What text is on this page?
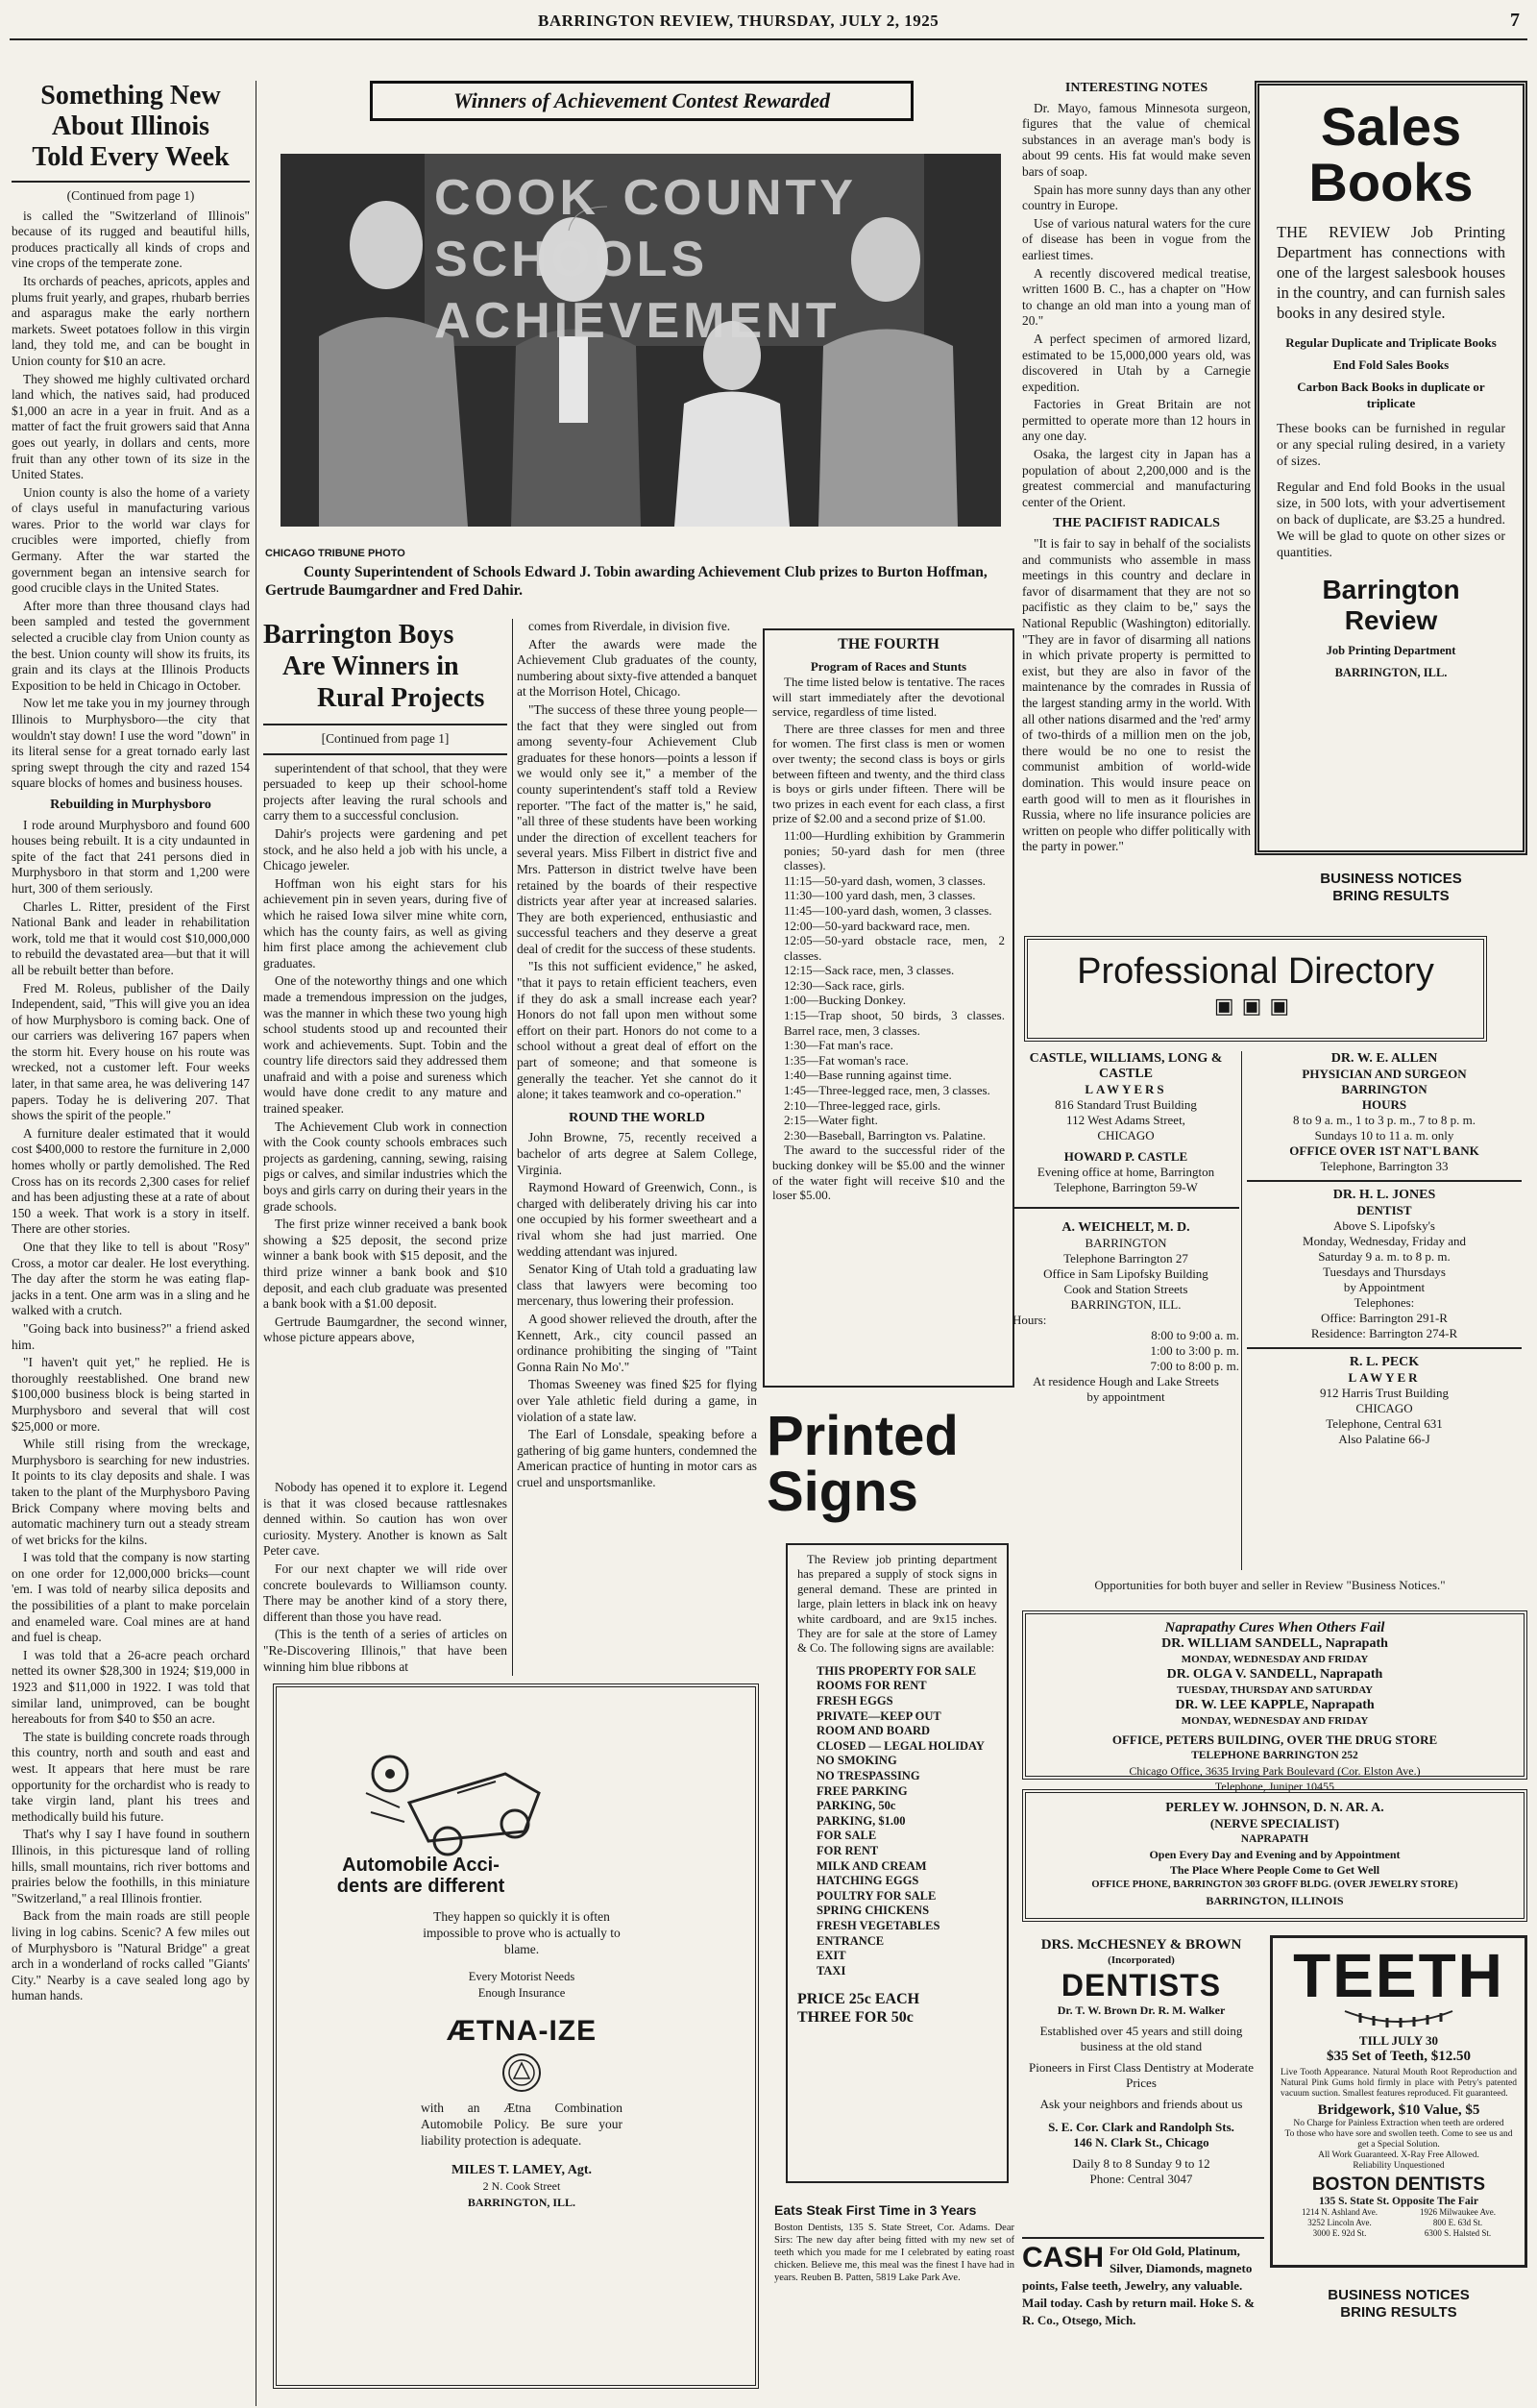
BARRINGTON REVIEW, THURSDAY, JULY 2, 1925	7
Something New
About Illinois
Told Every Week
(Continued from page 1)

is called the "Switzerland of Illinois" because of its rugged and beautiful hills, produces practically all kinds of crops and vine crops of the temperate zone.

Its orchards of peaches, apricots, apples and plums fruit yearly, and grapes, rhubarb berries and asparagus make the early northern markets. Sweet potatoes follow in this virgin land, they told me, and can be bought in Union county for $10 an acre.

They showed me highly cultivated orchard land which, the natives said, had produced $1,000 an acre in a year in fruit. And as a matter of fact the fruit growers said that Anna goes out yearly, in dollars and cents, more fruit than any other town of its size in the United States.

Union county is also the home of a variety of clays useful in manufacturing various wares. Prior to the world war clays for crucibles were imported, chiefly from Germany. After the war started the government began an intensive search for good crucible clays in the United States.

After more than three thousand clays had been sampled and tested the government selected a crucible clay from Union county as the best. Union county will show its fruits, its grain and its clays at the Illinois Products Exposition to be held in Chicago in October.

Now let me take you in my journey through Illinois to Murphysboro—the city that wouldn't stay down! I use the word "down" in its literal sense for a great tornado early last spring swept through the city and razed 154 square blocks of homes and business houses.

Rebuilding in Murphysboro

I rode around Murphysboro and found 600 houses being rebuilt. It is a city undaunted in spite of the fact that 241 persons died in Murphysboro in that storm and 1,200 were hurt, 300 of them seriously.

Charles L. Ritter, president of the First National Bank and leader in rehabilitation work, told me that it would cost $10,000,000 to rebuild the devastated area—but that it will all be rebuilt better than before.

Fred M. Roleus, publisher of the Daily Independent, said, "This will give you an idea of how Murphysboro is coming back. One of our carriers was delivering 167 papers when the storm hit. Every house on his route was wrecked, not a customer left. Four weeks later, in that same area, he was delivering 147 papers. Today he is delivering 207. That shows the spirit of the people."

A furniture dealer estimated that it would cost $400,000 to restore the furniture in 2,000 homes wholly or partly demolished. The Red Cross has on its records 2,300 cases for relief and has been adjusting these at a rate of about 150 a week. That work is a story in itself. There are other stories.

One that they like to tell is about "Rosy" Cross, a motor car dealer. He lost everything. The day after the storm he was eating flap-jacks in a tent. One arm was in a sling and he walked with a crutch.

"Going back into business?" a friend asked him.

"I haven't quit yet," he replied. He is thoroughly reestablished. One brand new $100,000 business block is being started in Murphysboro and several that will cost $25,000 or more.

While still rising from the wreckage, Murphysboro is searching for new industries. It points to its clay deposits and shale. I was taken to the plant of the Murphysboro Paving Brick Company where moving belts and automatic machinery turn out a steady stream of wet bricks for the kilns.

I was told that the company is now starting on one order for 12,000,000 bricks—count 'em. I was told of nearby silica deposits and the possibilities of a plant to make porcelain and enameled ware. Coal mines are at hand and fuel is cheap.

I was told that a 26-acre peach orchard netted its owner $28,300 in 1924; $19,000 in 1923 and $11,000 in 1922. I was told that similar land, unimproved, can be bought hereabouts for from $40 to $50 an acre.

The state is building concrete roads through this country, north and south and east and west. It appears that here must be rare opportunity for the orchardist who is ready to take virgin land, plant his trees and methodically build his future.

That's why I say I have found in southern Illinois, in this picturesque land of rolling hills, small mountains, rich river bottoms and prairies below the foothills, in this miniature "Switzerland," a real Illinois frontier.

Back from the main roads are still people living in log cabins. Scenic? A few miles out of Murphysboro is "Natural Bridge" a great arch in a wonderland of rocks called "Giants' City." Nearby is a cave sealed long ago by human hands.

Winners of Achievement Contest Rewarded
COOK COUNTY SCHOOLS ACHIEVEMENT
CHICAGO TRIBUNE PHOTO
County Superintendent of Schools Edward J. Tobin awarding Achievement Club prizes to Burton Hoffman, Gertrude Baumgardner and Fred Dahir.
Barrington Boys
Are Winners in
Rural Projects
[Continued from page 1]

superintendent of that school, that they were persuaded to keep up their school-home projects after leaving the rural schools and carry them to a successful conclusion.

Dahir's projects were gardening and pet stock, and he also held a job with his uncle, a Chicago jeweler.

Hoffman won his eight stars for his achievement pin in seven years, during five of which he raised Iowa silver mine white corn, which has the county fairs, as well as giving him first place among the achievement club graduates.

One of the noteworthy things and one which made a tremendous impression on the judges, was the manner in which these two young high school students stood up and recounted their work and achievements. Supt. Tobin and the country life directors said they addressed them unafraid and with a poise and sureness which would have done credit to any mature and trained speaker.

The Achievement Club work in connection with the Cook county schools embraces such projects as gardening, canning, sewing, raising pigs or calves, and similar industries which the boys and girls carry on during their years in the grade schools.

The first prize winner received a bank book showing a $25 deposit, the second prize winner a bank book with $15 deposit, and the third prize winner a bank book and $10 deposit, and each club graduate was presented a bank book with a $1.00 deposit.

Gertrude Baumgardner, the second winner, whose picture appears above,

comes from Riverdale, in division five.

After the awards were made the Achievement Club graduates of the county, numbering about sixty-five attended a banquet at the Morrison Hotel, Chicago.

"The success of these three young people—the fact that they were singled out from among seventy-four Achievement Club graduates for these honors—points a lesson if we would only see it," a member of the county superintendent's staff told a Review reporter. "The fact of the matter is," he said, "all three of these students have been working under the direction of excellent teachers for several years. Miss Filbert in district five and Mrs. Patterson in district twelve have been retained by the boards of their respective districts year after year at increased salaries. They are both experienced, enthusiastic and successful teachers and they deserve a great deal of credit for the success of these students.

"Is this not sufficient evidence," he asked, "that it pays to retain efficient teachers, even if they do ask a small increase each year? Honors do not fall upon men without some effort on their part. Honors do not come to a school without a great deal of effort on the part of someone; and that someone is generally the teacher. Yet she cannot do it alone; it takes teamwork and co-operation."

ROUND THE WORLD

John Browne, 75, recently received a bachelor of arts degree at Salem College, Virginia.

Raymond Howard of Greenwich, Conn., is charged with deliberately driving his car into one occupied by his former sweetheart and a rival whom she had just married. One wedding attendant was injured.

Senator King of Utah told a graduating law class that lawyers were becoming too mercenary, thus lowering their profession.

A good shower relieved the drouth, after the Kennett, Ark., city council passed an ordinance prohibiting the singing of "Taint Gonna Rain No Mo'."

Thomas Sweeney was fined $25 for flying over Yale athletic field during a game, in violation of a state law.

The Earl of Lonsdale, speaking before a gathering of big game hunters, condemned the American practice of hunting in motor cars as cruel and unsportsmanlike.

Nobody has opened it to explore it. Legend is that it was closed because rattlesnakes denned within. So caution has won over curiosity. Mystery. Another is known as Salt Peter cave.

For our next chapter we will ride over concrete boulevards to Williamson county. There may be another kind of a story there, different than those you have read.

(This is the tenth of a series of articles on "Re-Discovering Illinois," that have been winning him blue ribbons at

THE FOURTH
Program of Races and Stunts

The time listed below is tentative. The races will start immediately after the devotional service, regardless of time listed.

There are three classes for men and three for women. The first class is men or women over twenty; the second class is boys or girls between fifteen and twenty, and the third class is boys or girls under fifteen. There will be two prizes in each event for each class, a first prize of $2.00 and a second prize of $1.00.

11:00—Hurdling exhibition by Grammerin ponies; 50-yard dash for men (three classes).
11:15—50-yard dash, women, 3 classes.
11:30—100 yard dash, men, 3 classes.
11:45—100-yard dash, women, 3 classes.
12:00—50-yard backward race, men.
12:05—50-yard obstacle race, men, 2 classes.
12:15—Sack race, men, 3 classes.
12:30—Sack race, girls.
1:00—Bucking Donkey.
1:15—Trap shoot, 50 birds, 3 classes. Barrel race, men, 3 classes.
1:30—Fat man's race.
1:35—Fat woman's race.
1:40—Base running against time.
1:45—Three-legged race, men, 3 classes.
2:10—Three-legged race, girls.
2:15—Water fight.
2:30—Baseball, Barrington vs. Palatine.

The award to the successful rider of the bucking donkey will be $5.00 and the winner of the water fight will receive $10 and the loser $5.00.

Printed
Signs

The Review job printing department has prepared a supply of stock signs in general demand. These are printed in large, plain letters in black ink on heavy white cardboard, and are 9x15 inches. They are for sale at the store of Lamey & Co. The following signs are available:

THIS PROPERTY FOR SALE
ROOMS FOR RENT
FRESH EGGS
PRIVATE—KEEP OUT
ROOM AND BOARD
CLOSED — LEGAL HOLIDAY
NO SMOKING
NO TRESPASSING
FREE PARKING
PARKING, 50c
PARKING, $1.00
FOR SALE
FOR RENT
MILK AND CREAM
HATCHING EGGS
POULTRY FOR SALE
SPRING CHICKENS
FRESH VEGETABLES
ENTRANCE
EXIT
TAXI
PRICE 25c EACH
THREE FOR 50c
Eats Steak First Time in 3 Years
Boston Dentists, 135 S. State Street, Cor. Adams. Dear Sirs: The new day after being fitted with my new set of teeth which you made for me I celebrated by eating roast chicken. Believe me, this meal was the finest I have had in years. Reuben B. Patten, 5819 Lake Park Ave.
Automobile Acci-
dents are different
They happen so quickly it is often impossible to prove who is actually to blame.
Every Motorist Needs
Enough Insurance
ÆTNA-IZE
with an Ætna Combination Automobile Policy. Be sure your liability protection is adequate.
MILES T. LAMEY, Agt.
2 N. Cook Street
BARRINGTON, ILL.
INTERESTING NOTES

Dr. Mayo, famous Minnesota surgeon, figures that the value of chemical substances in an average man's body is about 99 cents. His fat would make seven bars of soap.

Spain has more sunny days than any other country in Europe.

Use of various natural waters for the cure of disease has been in vogue from the earliest times.

A recently discovered medical treatise, written 1600 B. C., has a chapter on "How to change an old man into a young man of 20."

A perfect specimen of armored lizard, estimated to be 15,000,000 years old, was discovered in Utah by a Carnegie expedition.

Factories in Great Britain are not permitted to operate more than 12 hours in any one day.

Osaka, the largest city in Japan has a population of about 2,200,000 and is the greatest commercial and manufacturing center of the Orient.

THE PACIFIST RADICALS

"It is fair to say in behalf of the socialists and communists who assemble in mass meetings in this country and declare in favor of disarmament that they are not so pacifistic as they claim to be," says the National Republic (Washington) editorially. "They are in favor of disarming all nations in which private property is permitted to exist, but they are also in favor of the maintenance by the comrades in Russia of the largest standing army in the world. With all other nations disarmed and the 'red' army of two-thirds of a million men on the job, there would be no one to resist the communist ambition of world-wide domination. This would insure peace on earth good will to men as it flourishes in Russia, where no life insurance policies are written on people who differ politically with the party in power."

Sales
Books

THE REVIEW Job Printing Department has connections with one of the largest salesbook houses in the country, and can furnish sales books in any desired style.

Regular Duplicate and Triplicate Books
End Fold Sales Books
Carbon Back Books in duplicate or triplicate

These books can be furnished in regular or any special ruling desired, in a variety of sizes.

Regular and End fold Books in the usual size, in 500 lots, with your advertisement on back of duplicate, are $3.25 a hundred. We will be glad to quote on other sizes or quantities.

Barrington
Review
Job Printing Department
BARRINGTON, ILL.
BUSINESS NOTICES
BRING RESULTS
Professional Directory
▣▣▣
CASTLE, WILLIAMS, LONG & CASTLE
LAWYERS
816 Standard Trust Building
112 West Adams Street,
CHICAGO
HOWARD P. CASTLE
Evening office at home, Barrington
Telephone, Barrington 59-W
A. WEICHELT, M. D.
BARRINGTON
Telephone Barrington 27
Office in Sam Lipofsky Building
Cook and Station Streets
BARRINGTON, ILL.
Hours:
8:00 to 9:00 a. m.
1:00 to 3:00 p. m.
7:00 to 8:00 p. m.
At residence Hough and Lake Streets
by appointment
DR. W. E. ALLEN
PHYSICIAN AND SURGEON
BARRINGTON
HOURS
8 to 9 a. m., 1 to 3 p. m., 7 to 8 p. m.
Sundays 10 to 11 a. m. only
OFFICE OVER 1ST NAT'L BANK
Telephone, Barrington 33
DR. H. L. JONES
DENTIST
Above S. Lipofsky's
Monday, Wednesday, Friday and
Saturday 9 a. m. to 8 p. m.
Tuesdays and Thursdays
by Appointment
Telephones:
Office: Barrington 291-R
Residence: Barrington 274-R
R. L. PECK
LAWYER
912 Harris Trust Building
CHICAGO
Telephone, Central 631
Also Palatine 66-J
Opportunities for both buyer and seller in Review "Business Notices."
Naprapathy Cures When Others Fail
DR. WILLIAM SANDELL, Naprapath
MONDAY, WEDNESDAY AND FRIDAY
DR. OLGA V. SANDELL, Naprapath
TUESDAY, THURSDAY AND SATURDAY
DR. W. LEE KAPPLE, Naprapath
MONDAY, WEDNESDAY AND FRIDAY
OFFICE, PETERS BUILDING, OVER THE DRUG STORE
TELEPHONE BARRINGTON 252
Chicago Office, 3635 Irving Park Boulevard (Cor. Elston Ave.)
Telephone, Juniper 10455
PERLEY W. JOHNSON, D. N. AR. A.
(NERVE SPECIALIST)
NAPRAPATH
Open Every Day and Evening and by Appointment
The Place Where People Come to Get Well
OFFICE PHONE, BARRINGTON 303 GROFF BLDG. (OVER JEWELRY STORE)
BARRINGTON, ILLINOIS
DRS. McCHESNEY & BROWN
(Incorporated)
DENTISTS
Dr. T. W. Brown Dr. R. M. Walker
Established over 45 years and still doing business at the old stand
Pioneers in First Class Dentistry at Moderate Prices
Ask your neighbors and friends about us
S. E. Cor. Clark and Randolph Sts.
146 N. Clark St., Chicago
Daily 8 to 8 Sunday 9 to 12
Phone: Central 3047
TEETH
TILL JULY 30
$35 Set of Teeth, $12.50
Live Tooth Appearance. Natural Mouth Root Reproduction and Natural Pink Gums hold firmly in place with Petry's patented vacuum suction. Smallest features reproduced. Fit guaranteed.
Bridgework, $10 Value, $5
No Charge for Painless Extraction when teeth are ordered
To those who have sore and swollen teeth. Come to see us and get a Special Solution.
All Work Guaranteed. X-Ray Free Allowed.
Reliability Unquestioned
BOSTON DENTISTS
135 S. State St. Opposite The Fair
1214 N. Ashland Ave.	1926 Milwaukee Ave.
3252 Lincoln Ave.	800 E. 63d St.
3000 E. 92d St.	6300 S. Halsted St.
CASH For Old Gold, Platinum, Silver, Diamonds, magneto points, False teeth, Jewelry, any valuable. Mail today. Cash by return mail. Hoke S. & R. Co., Otsego, Mich.
BUSINESS NOTICES
BRING RESULTS
